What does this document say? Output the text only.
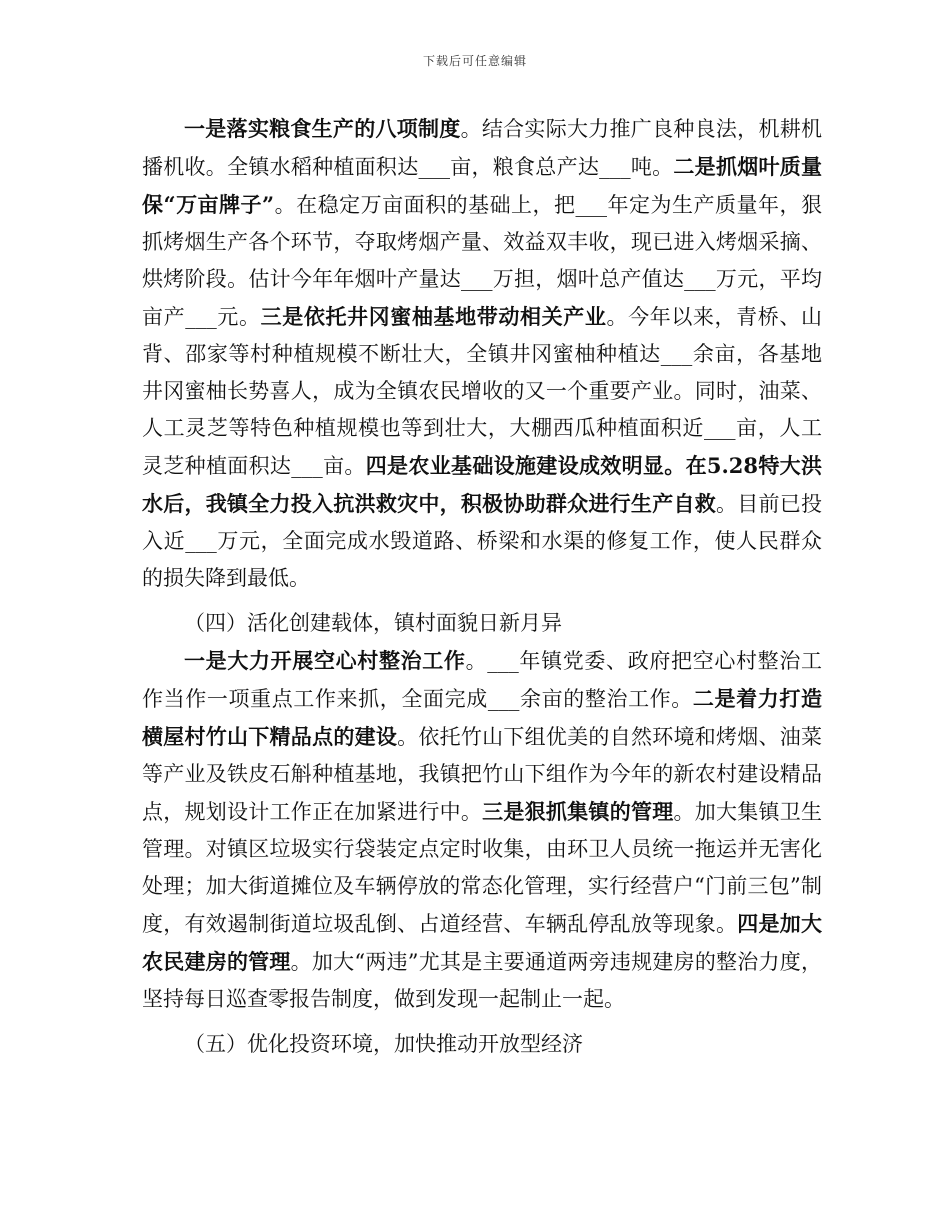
下载后可任意编辑

一是落实粮食生产的八项制度。结合实际大力推广良种良法，机耕机播机收。全镇水稻种植面积达___亩，粮食总产达___吨。二是抓烟叶质量保“万亩牌子”。在稳定万亩面积的基础上，把___年定为生产质量年，狠抓烤烟生产各个环节，夺取烤烟产量、效益双丰收，现已进入烤烟采摘、烘烤阶段。估计今年年烟叶产量达___万担，烟叶总产值达___万元，平均亩产___元。三是依托井冈蜜柚基地带动相关产业。今年以来，青桥、山背、邵家等村种植规模不断壮大，全镇井冈蜜柚种植达___余亩，各基地井冈蜜柚长势喜人，成为全镇农民增收的又一个重要产业。同时，油菜、人工灵芝等特色种植规模也等到壮大，大棚西瓜种植面积近___亩，人工灵芝种植面积达___亩。四是农业基础设施建设成效明显。在5.28特大洪水后，我镇全力投入抗洪救灾中，积极协助群众进行生产自救。目前已投入近___万元，全面完成水毁道路、桥梁和水渠的修复工作，使人民群众的损失降到最低。

（四）活化创建载体，镇村面貌日新月异

一是大力开展空心村整治工作。___年镇党委、政府把空心村整治工作当作一项重点工作来抓，全面完成___余亩的整治工作。二是着力打造横屋村竹山下精品点的建设。依托竹山下组优美的自然环境和烤烟、油菜等产业及铁皮石斛种植基地，我镇把竹山下组作为今年的新农村建设精品点，规划设计工作正在加紧进行中。三是狠抓集镇的管理。加大集镇卫生管理。对镇区垃圾实行袋装定点定时收集，由环卫人员统一拖运并无害化处理；加大街道摊位及车辆停放的常态化管理，实行经营户“门前三包”制度，有效遏制街道垃圾乱倒、占道经营、车辆乱停乱放等现象。四是加大农民建房的管理。加大“两违”尤其是主要通道两旁违规建房的整治力度，坚持每日巡查零报告制度，做到发现一起制止一起。

（五）优化投资环境，加快推动开放型经济
